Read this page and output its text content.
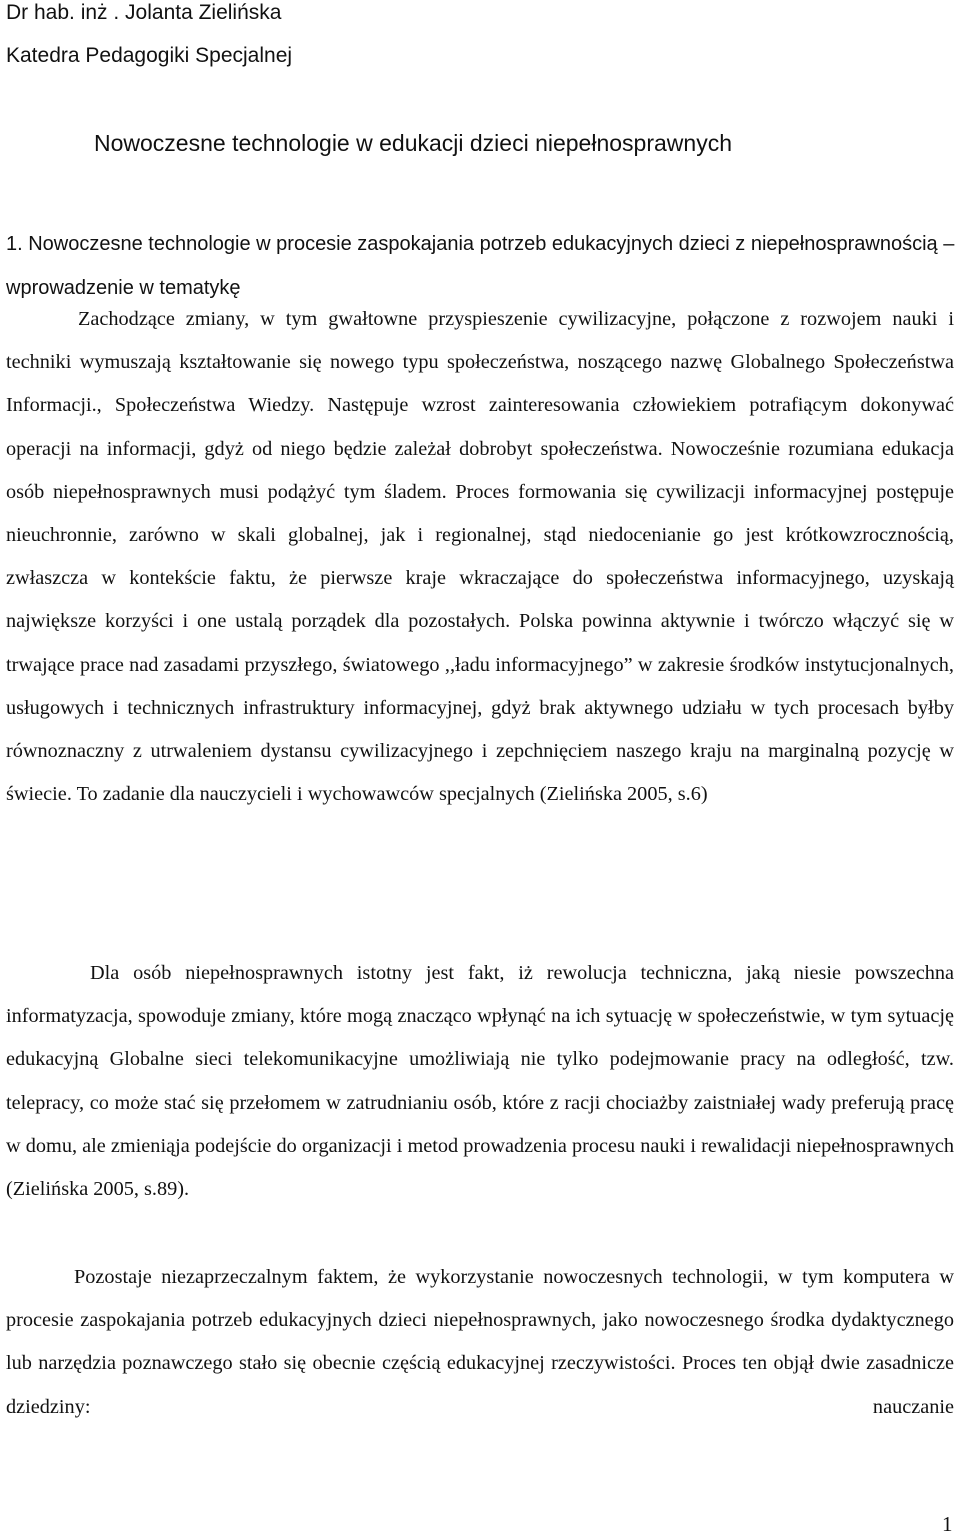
Dr hab. inż . Jolanta Zielińska
Katedra Pedagogiki Specjalnej
Nowoczesne technologie w edukacji dzieci niepełnosprawnych
1. Nowoczesne technologie w procesie zaspokajania potrzeb edukacyjnych dzieci z niepełnosprawnością – wprowadzenie w tematykę

Zachodzące zmiany, w tym gwałtowne przyspieszenie cywilizacyjne, połączone z rozwojem nauki i techniki wymuszają kształtowanie się nowego typu społeczeństwa, noszącego nazwę Globalnego Społeczeństwa Informacji., Społeczeństwa Wiedzy. Następuje wzrost zainteresowania człowiekiem potrafiącym dokonywać operacji na informacji, gdyż od niego będzie zależał dobrobyt społeczeństwa. Nowocześnie rozumiana edukacja osób niepełnosprawnych musi podążyć tym śladem. Proces formowania się cywilizacji informacyjnej postępuje nieuchronnie, zarówno w skali globalnej, jak i regionalnej, stąd niedocenianie go jest krótkowzrocznością, zwłaszcza w kontekście faktu, że pierwsze kraje wkraczające do społeczeństwa informacyjnego, uzyskają największe korzyści i one ustalą porządek dla pozostałych. Polska powinna aktywnie i twórczo włączyć się w trwające prace nad zasadami przyszłego, światowego ,,ładu informacyjnego” w zakresie środków instytucjonalnych, usługowych i technicznych infrastruktury informacyjnej, gdyż brak aktywnego udziału w tych procesach byłby równoznaczny z utrwaleniem dystansu cywilizacyjnego i zepchnięciem naszego kraju na marginalną pozycję w świecie. To zadanie dla nauczycieli i wychowawców specjalnych (Zielińska 2005, s.6)

Dla osób niepełnosprawnych istotny jest fakt, iż rewolucja techniczna, jaką niesie powszechna informatyzacja, spowoduje zmiany, które mogą znacząco wpłynąć na ich sytuację w społeczeństwie, w tym sytuację edukacyjną Globalne sieci telekomunikacyjne umożliwiają nie tylko podejmowanie pracy na odległość, tzw. telepracy, co może stać się przełomem w zatrudnianiu osób, które z racji chociażby zaistniałej wady preferują pracę w domu, ale zmieniąja podejście do organizacji i metod prowadzenia procesu nauki i rewalidacji niepełnosprawnych (Zielińska 2005, s.89).

Pozostaje niezaprzeczalnym faktem, że wykorzystanie nowoczesnych technologii, w tym komputera w procesie zaspokajania potrzeb edukacyjnych dzieci niepełnosprawnych, jako nowoczesnego środka dydaktycznego lub narzędzia poznawczego stało się obecnie częścią edukacyjnej rzeczywistości. Proces ten objął dwie zasadnicze dziedziny: nauczanie

1
